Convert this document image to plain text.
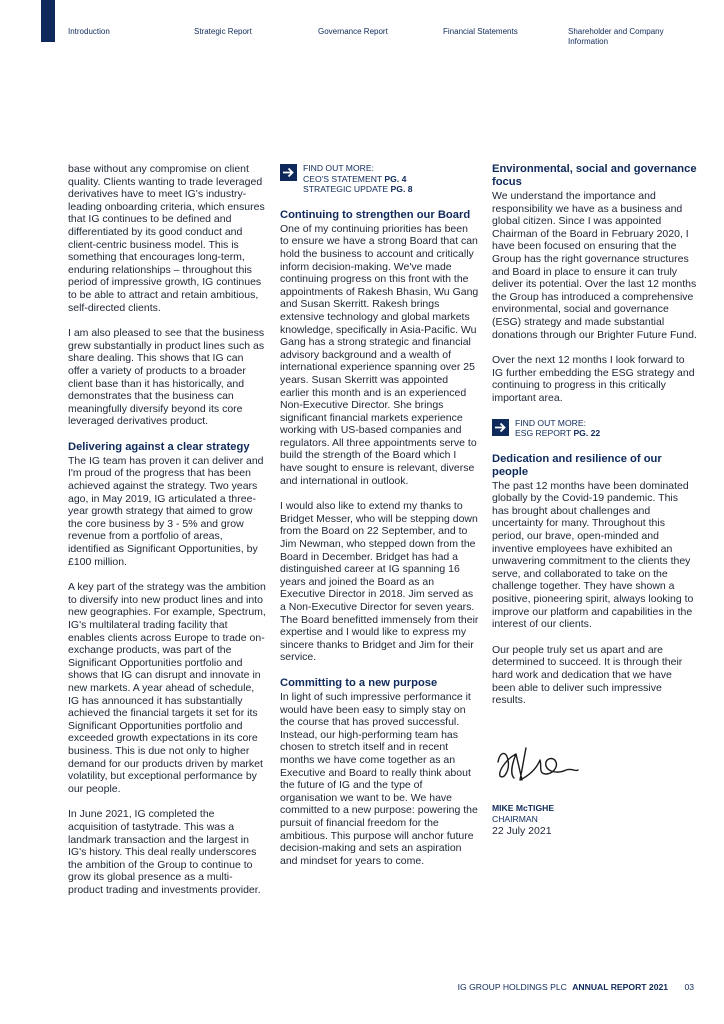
Introduction	Strategic Report	Governance Report	Financial Statements	Shareholder and Company Information

base without any compromise on client quality. Clients wanting to trade leveraged derivatives have to meet IG's industry-leading onboarding criteria, which ensures that IG continues to be defined and differentiated by its good conduct and client-centric business model. This is something that encourages long-term, enduring relationships – throughout this period of impressive growth, IG continues to be able to attract and retain ambitious, self-directed clients.

I am also pleased to see that the business grew substantially in product lines such as share dealing. This shows that IG can offer a variety of products to a broader client base than it has historically, and demonstrates that the business can meaningfully diversify beyond its core leveraged derivatives product.

Delivering against a clear strategy

The IG team has proven it can deliver and I'm proud of the progress that has been achieved against the strategy. Two years ago, in May 2019, IG articulated a three-year growth strategy that aimed to grow the core business by 3 - 5% and grow revenue from a portfolio of areas, identified as Significant Opportunities, by £100 million.

A key part of the strategy was the ambition to diversify into new product lines and into new geographies. For example, Spectrum, IG's multilateral trading facility that enables clients across Europe to trade on-exchange products, was part of the Significant Opportunities portfolio and shows that IG can disrupt and innovate in new markets. A year ahead of schedule, IG has announced it has substantially achieved the financial targets it set for its Significant Opportunities portfolio and exceeded growth expectations in its core business. This is due not only to higher demand for our products driven by market volatility, but exceptional performance by our people.

In June 2021, IG completed the acquisition of tastytrade. This was a landmark transaction and the largest in IG's history. This deal really underscores the ambition of the Group to continue to grow its global presence as a multi-product trading and investments provider.

FIND OUT MORE:
CEO'S STATEMENT PG. 4
STRATEGIC UPDATE PG. 8
Continuing to strengthen our Board

One of my continuing priorities has been to ensure we have a strong Board that can hold the business to account and critically inform decision-making. We've made continuing progress on this front with the appointments of Rakesh Bhasin, Wu Gang and Susan Skerritt. Rakesh brings extensive technology and global markets knowledge, specifically in Asia-Pacific. Wu Gang has a strong strategic and financial advisory background and a wealth of international experience spanning over 25 years. Susan Skerritt was appointed earlier this month and is an experienced Non-Executive Director. She brings significant financial markets experience working with US-based companies and regulators. All three appointments serve to build the strength of the Board which I have sought to ensure is relevant, diverse and international in outlook.

I would also like to extend my thanks to Bridget Messer, who will be stepping down from the Board on 22 September, and to Jim Newman, who stepped down from the Board in December. Bridget has had a distinguished career at IG spanning 16 years and joined the Board as an Executive Director in 2018. Jim served as a Non-Executive Director for seven years. The Board benefitted immensely from their expertise and I would like to express my sincere thanks to Bridget and Jim for their service.

Committing to a new purpose

In light of such impressive performance it would have been easy to simply stay on the course that has proved successful. Instead, our high-performing team has chosen to stretch itself and in recent months we have come together as an Executive and Board to really think about the future of IG and the type of organisation we want to be. We have committed to a new purpose: powering the pursuit of financial freedom for the ambitious. This purpose will anchor future decision-making and sets an aspiration and mindset for years to come.

Environmental, social and governance focus

We understand the importance and responsibility we have as a business and global citizen. Since I was appointed Chairman of the Board in February 2020, I have been focused on ensuring that the Group has the right governance structures and Board in place to ensure it can truly deliver its potential. Over the last 12 months the Group has introduced a comprehensive environmental, social and governance (ESG) strategy and made substantial donations through our Brighter Future Fund.

Over the next 12 months I look forward to IG further embedding the ESG strategy and continuing to progress in this critically important area.

FIND OUT MORE:
ESG REPORT PG. 22
Dedication and resilience of our people

The past 12 months have been dominated globally by the Covid-19 pandemic. This has brought about challenges and uncertainty for many. Throughout this period, our brave, open-minded and inventive employees have exhibited an unwavering commitment to the clients they serve, and collaborated to take on the challenge together. They have shown a positive, pioneering spirit, always looking to improve our platform and capabilities in the interest of our clients.

Our people truly set us apart and are determined to succeed. It is through their hard work and dedication that we have been able to deliver such impressive results.

MIKE McTIGHE
CHAIRMAN
22 July 2021
IG GROUP HOLDINGS PLC ANNUAL REPORT 2021 03
